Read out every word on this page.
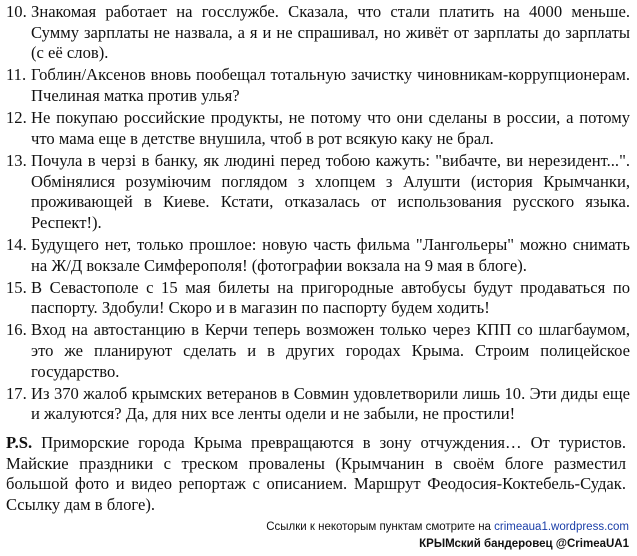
10. Знакомая работает на госслужбе. Сказала, что стали платить на 4000 меньше. Сумму зарплаты не назвала, а я и не спрашивал, но живёт от зарплаты до зарплаты (с её слов).
11. Гоблин/Аксенов вновь пообещал тотальную зачистку чиновникам-коррупционерам. Пчелиная матка против улья?
12. Не покупаю российские продукты, не потому что они сделаны в россии, а потому что мама еще в детстве внушила, чтоб в рот всякую каку не брал.
13. Почула в черзі в банку, як людині перед тобою кажуть: "вибачте, ви нерезидент...". Обмінялися розуміючим поглядом з хлопцем з Алушти (история Крымчанки, проживающей в Киеве. Кстати, отказалась от использования русского языка. Респект!).
14. Будущего нет, только прошлое: новую часть фильма "Лангольеры" можно снимать на Ж/Д вокзале Симферополя! (фотографии вокзала на 9 мая в блоге).
15. В Севастополе с 15 мая билеты на пригородные автобусы будут продаваться по паспорту. Здобули! Скоро и в магазин по паспорту будем ходить!
16. Вход на автостанцию в Керчи теперь возможен только через КПП со шлагбаумом, это же планируют сделать и в других городах Крыма. Строим полицейское государство.
17. Из 370 жалоб крымских ветеранов в Совмин удовлетворили лишь 10. Эти диды еще и жалуются? Да, для них все ленты одели и не забыли, не простили!
P.S. Приморские города Крыма превращаются в зону отчуждения… От туристов. Майские праздники с треском провалены (Крымчанин в своём блоге разместил большой фото и видео репортаж с описанием. Маршрут Феодосия-Коктебель-Судак. Ссылку дам в блоге).
Ссылки к некоторым пунктам смотрите на crimeaua1.wordpress.com
КРЫМский бандеровец @CrimeaUA1
